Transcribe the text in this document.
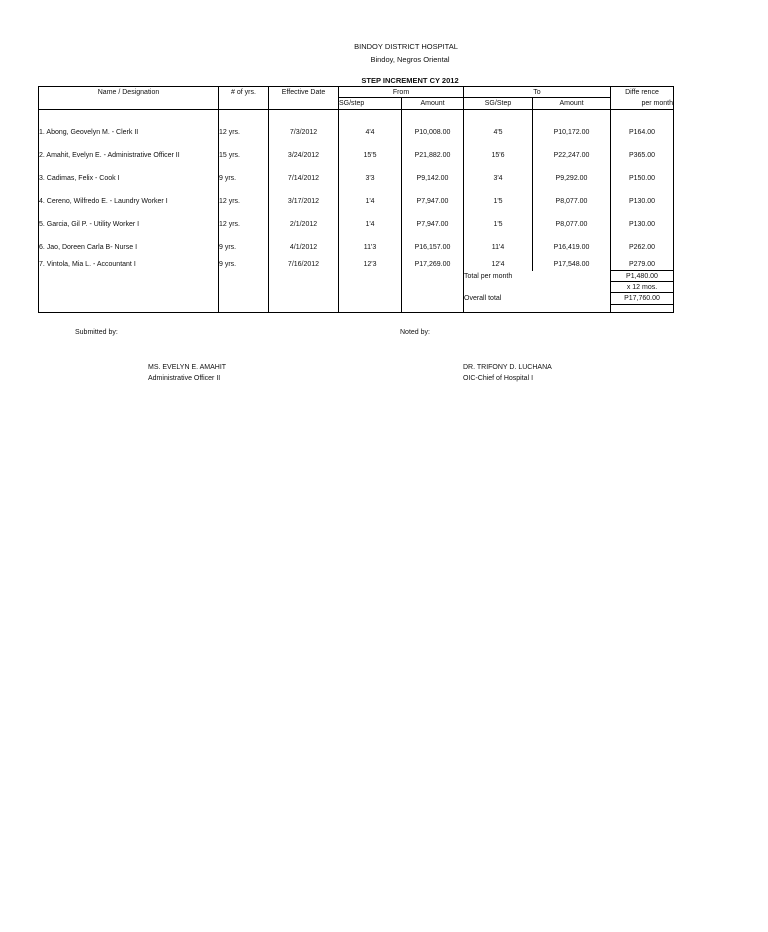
BINDOY DISTRICT HOSPITAL
Bindoy, Negros Oriental
STEP INCREMENT CY 2012
Name / Designation	# of yrs.	Effective Date	From		To		Diffe rence
			SG/step	Amount	SG/Step	Amount	per month

1. Abong, Geovelyn M. - Clerk II	12 yrs.	7/3/2012	4'4	P10,008.00	4'5	P10,172.00	P164.00
2. Amahit, Evelyn E. - Administrative Officer II	15 yrs.	3/24/2012	15'5	P21,882.00	15'6	P22,247.00	P365.00
3. Cadimas, Felix - Cook I	9 yrs.	7/14/2012	3'3	P9,142.00	3'4	P9,292.00	P150.00
4. Cereno, Wilfredo E. - Laundry Worker I	12 yrs.	3/17/2012	1'4	P7,947.00	1'5	P8,077.00	P130.00
5. Garcia, Gil P. - Utility Worker I	12 yrs.	2/1/2012	1'4	P7,947.00	1'5	P8,077.00	P130.00
6. Jao, Doreen Carla B- Nurse I	9 yrs.	4/1/2012	11'3	P16,157.00	11'4	P16,419.00	P262.00
7. Vintola, Mia L. - Accountant I	9 yrs.	7/16/2012	12'3	P17,269.00	12'4	P17,548.00	P279.00
					Total per month		P1,480.00
							x 12 mos.
					Overall total		P17,760.00

Submitted by:	Noted by:
MS. EVELYN E. AMAHIT
Administrative Officer II
DR. TRIFONY D. LUCHANA
OIC-Chief of Hospital I
